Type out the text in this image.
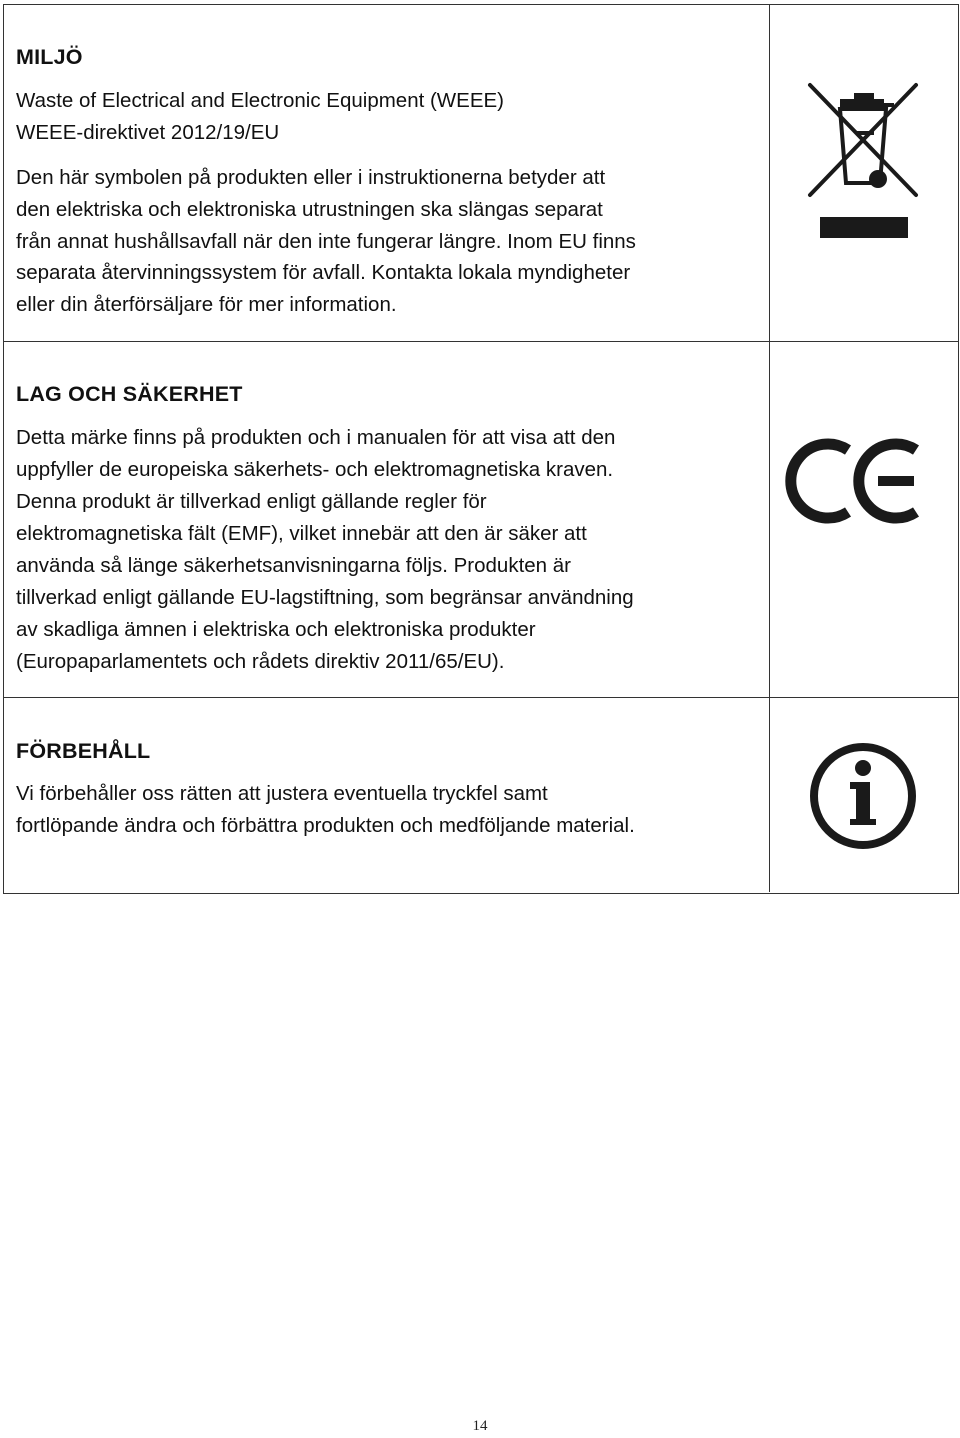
MILJÖ

Waste of Electrical and Electronic Equipment (WEEE)
WEEE-direktivet 2012/19/EU

Den här symbolen på produkten eller i instruktionerna betyder att
den elektriska och elektroniska utrustningen ska slängas separat
från annat hushållsavfall när den inte fungerar längre. Inom EU finns
separata återvinningssystem för avfall. Kontakta lokala myndigheter
eller din återförsäljare för mer information.

LAG OCH SÄKERHET

Detta märke finns på produkten och i manualen för att visa att den
uppfyller de europeiska säkerhets- och elektromagnetiska kraven.
Denna produkt är tillverkad enligt gällande regler för
elektromagnetiska fält (EMF), vilket innebär att den är säker att
använda så länge säkerhetsanvisningarna följs. Produkten är
tillverkad enligt gällande EU-lagstiftning, som begränsar användning
av skadliga ämnen i elektriska och elektroniska produkter
(Europaparlamentets och rådets direktiv 2011/65/EU).

FÖRBEHÅLL

Vi förbehåller oss rätten att justera eventuella tryckfel samt
fortlöpande ändra och förbättra produkten och medföljande material.

14
